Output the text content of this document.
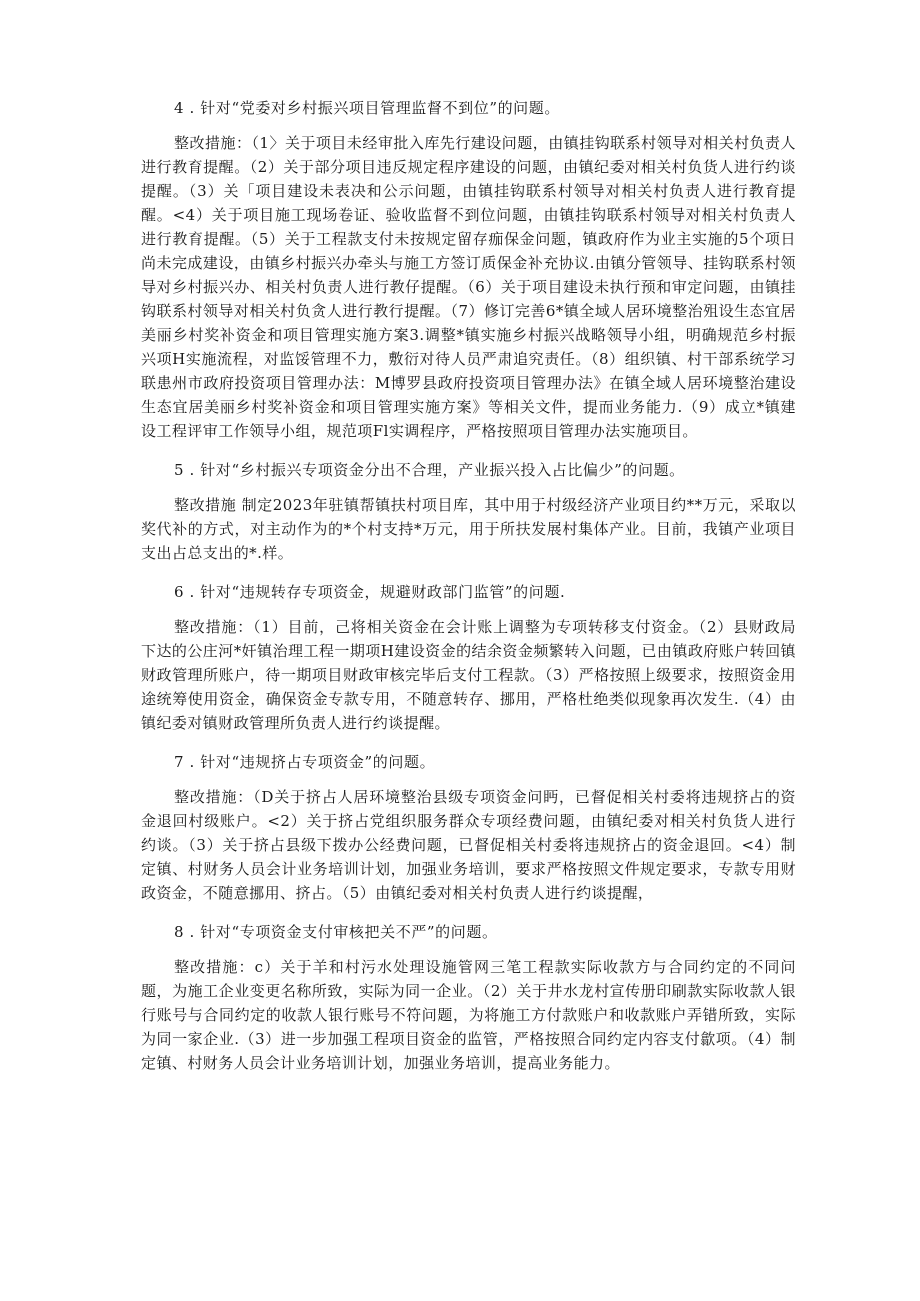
4 . 针对“党委对乡村振兴项目管理监督不到位”的问题。

整改措施：（1〉关于项目未经审批入库先行建设问题，由镇挂钩联系村领导对相关村负责人进行教育提醒。（2）关于部分项目违反规定程序建设的问题，由镇纪委对相关村负货人进行约谈提醒。（3）关「项目建设未表决和公示问题，由镇挂钩联系村领导对相关村负责人进行教育提醒。<4）关于项目施工现场卷证、验收监督不到位问题，由镇挂钩联系村领导对相关村负责人进行教育提醒。（5）关于工程款支付未按规定留存痂保金问题，镇政府作为业主实施的5个项日尚未完成建设，由镇乡村振兴办牵头与施工方签订质保金补充协议.由镇分管领导、挂钩联系村领导对乡村振兴办、相关村负责人进行教仔提醒。（6）关于项目建设未执行预和审定问题，由镇挂钩联系村领导对相关村负贪人进行教行提醒。（7）修订完善6*镇全域人居环境整治殂设生态宜居美丽乡村奖补资金和项目管理实施方案3.调整*镇实施乡村振兴战略领导小组，明确规范乡村振兴项H实施流程，对监馁管理不力，敷衍对待人员严肃追究责任。（8）组织镇、村干部系统学习联患州市政府投资项目管理办法：M博罗县政府投资项目管理办法》在镇全域人居环境整治建设生态宜居美丽乡村奖补资金和项目管理实施方案》等相关文件，提而业务能力.（9）成立*镇建设工程评审工作领导小组，规范项Fl实调程序，严格按照项目管理办法实施项目。

5 . 针对“乡村振兴专项资金分出不合理，产业振兴投入占比偏少”的问题。

整改措施 制定2023年驻镇帮镇扶村项目库，其中用于村级经济产业项目约**万元，采取以奖代补的方式，对主动作为的*个村支持*万元，用于所扶发展村集体产业。目前，我镇产业项目支出占总支出的*.样。

6 . 针对“违规转存专项资金，规避财政部门监管”的问题.

整改措施：（1）目前，己将相关资金在会计账上调整为专项转移支付资金。（2）县财政局下达的公庄河*奸镇治理工程一期项H建设资金的结余资金频繁转入问题，已由镇政府账户转回镇财政管理所账户，待一期项目财政审核完毕后支付工程款。（3）严格按照上级要求，按照资金用途统筹使用资金，确保资金专款专用，不随意转存、挪用，严格杜绝类似现象再次发生.（4）由镇纪委对镇财政管理所负责人进行约谈提醒。

7 . 针对“违规挤占专项资金”的问题。

整改措施：（D关于挤占人居环境整治县级专项资金问眄，已督促相关村委将违规挤占的资金退回村级账户。<2）关于挤占党组织服务群众专项经费问题，由镇纪委对相关村负货人进行约谈。（3）关于挤占县级下拨办公经费问题，已督促相关村委将违规挤占的资金退回。<4）制定镇、村财务人员会计业务培训计划，加强业务培训，要求严格按照文件规定要求，专款专用财政资金，不随意挪用、挤占。（5）由镇纪委对相关村负责人进行约谈提醒，

8 . 针对“专项资金支付审核把关不严”的问题。

整改措施：c）关于羊和村污水处理设施管网三笔工程款实际收款方与合同约定的不同问题，为施工企业变更名称所致，实际为同一企业。（2）关于井水龙村宣传册印刷款实际收款人银行账号与合同约定的收款人银行账号不符问题，为将施工方付款账户和收款账户弄错所致，实际为同一家企业.（3）进一步加强工程项目资金的监管，严格按照合同约定内容支付歙项。（4）制定镇、村财务人员会计业务培训计划，加强业务培训，提高业务能力。
